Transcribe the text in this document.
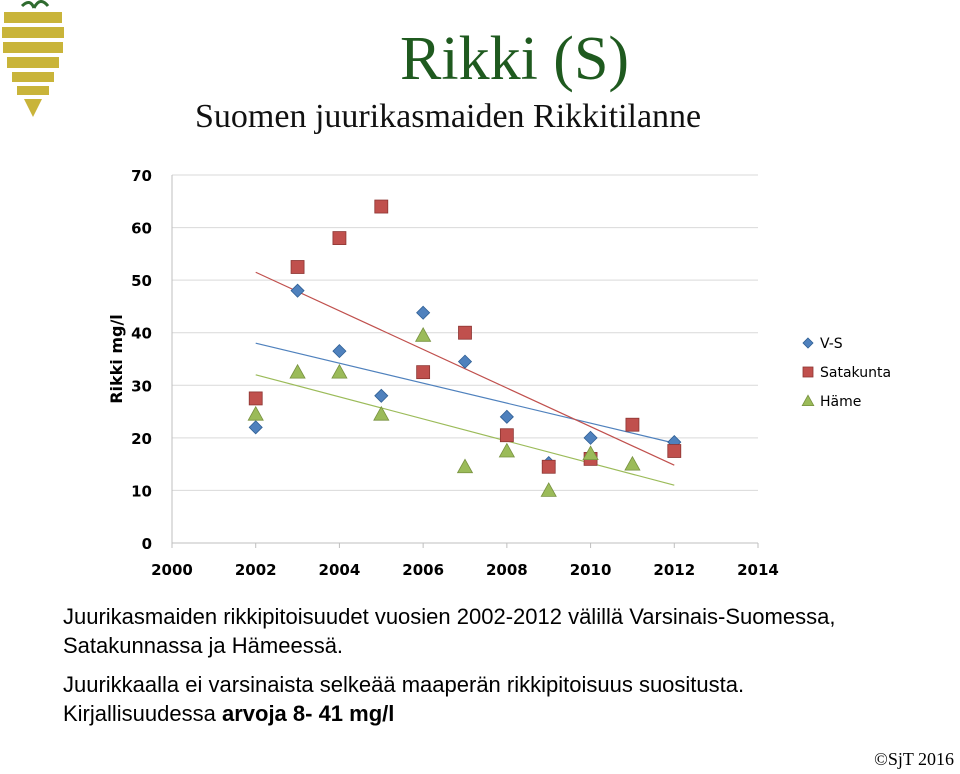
Rikki (S)
Suomen juurikasmaiden Rikkitilanne
0
10
20
30
40
50
60
70
2000	2002	2004	2006	2008	2010	2012	2014
Rikki mg/l	V-S
Satakunta
Häme

Juurikasmaiden rikkipitoisuudet vuosien 2002-2012 välillä Varsinais-Suomessa, Satakunnassa ja Hämeessä.

Juurikkaalla ei varsinaista selkeää maaperän rikkipitoisuus suositusta.

Kirjallisuudessa arvoja 8- 41 mg/l

©SjT 2016
